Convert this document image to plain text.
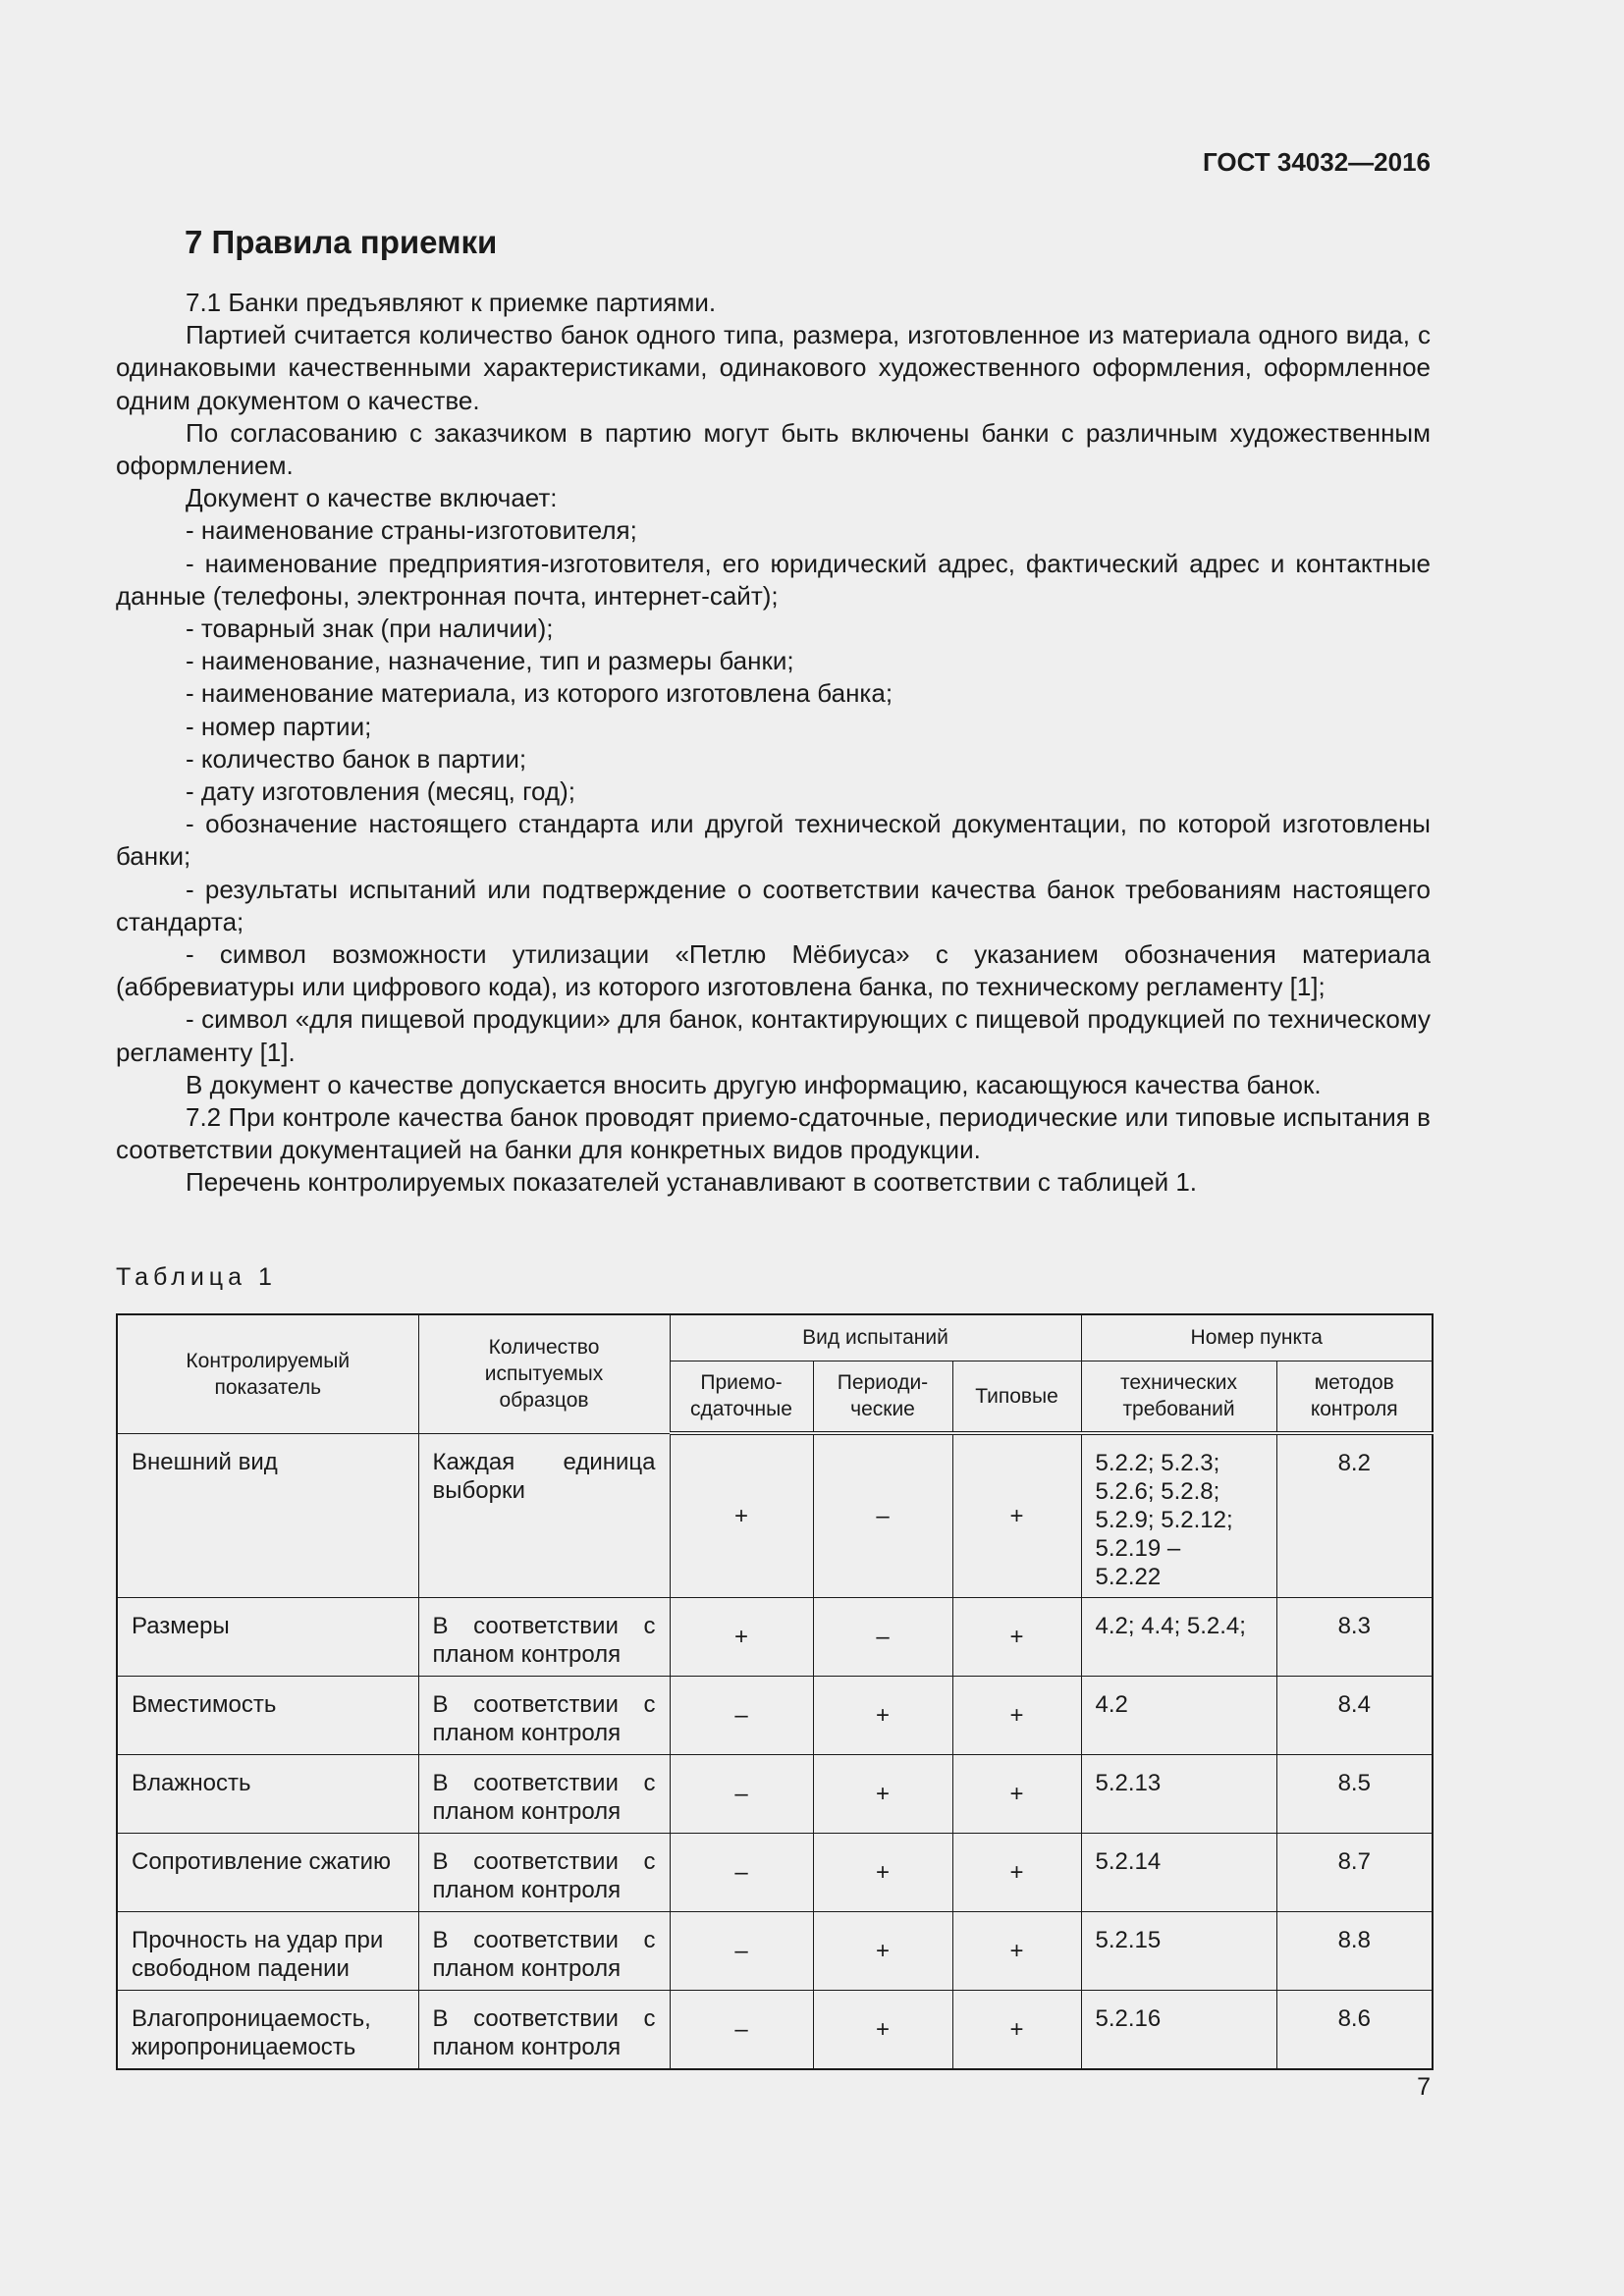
ГОСТ 34032—2016
7 Правила приемки

7.1 Банки предъявляют к приемке партиями.

Партией считается количество банок одного типа, размера, изготовленное из материала одного вида, с одинаковыми качественными характеристиками, одинакового художественного оформления, оформленное одним документом о качестве.

По согласованию с заказчиком в партию могут быть включены банки с различным художественным оформлением.

Документ о качестве включает:

- наименование страны-изготовителя;

- наименование предприятия-изготовителя, его юридический адрес, фактический адрес и контактные данные (телефоны, электронная почта, интернет-сайт);

- товарный знак (при наличии);

- наименование, назначение, тип и размеры банки;

- наименование материала, из которого изготовлена банка;

- номер партии;

- количество банок в партии;

- дату изготовления (месяц, год);

- обозначение настоящего стандарта или другой технической документации, по которой изготовлены банки;

- результаты испытаний или подтверждение о соответствии качества банок требованиям настоящего стандарта;

- символ возможности утилизации «Петлю Мёбиуса» с указанием обозначения материала (аббревиатуры или цифрового кода), из которого изготовлена банка, по техническому регламенту [1];

- символ «для пищевой продукции» для банок, контактирующих с пищевой продукцией по техническому регламенту [1].

В документ о качестве допускается вносить другую информацию, касающуюся качества банок.

7.2 При контроле качества банок проводят приемо-сдаточные, периодические или типовые испытания в соответствии документацией на банки для конкретных видов продукции.

Перечень контролируемых показателей устанавливают в соответствии с таблицей 1.

Таблица 1
Контролируемый показатель	Количество испытуемых образцов	Вид испытаний			Номер пункта	
		Приемо-сдаточные	Периоди-ческие	Типовые	технических требований	методов контроля
Внешний вид	Каждая единица выборки	+	–	+	5.2.2; 5.2.3; 5.2.6; 5.2.8; 5.2.9; 5.2.12; 5.2.19 – 5.2.22	8.2
Размеры	В соответствии с планом контроля	+	–	+	4.2; 4.4; 5.2.4;	8.3
Вместимость	В соответствии с планом контроля	–	+	+	4.2	8.4
Влажность	В соответствии с планом контроля	–	+	+	5.2.13	8.5
Сопротивление сжатию	В соответствии с планом контроля	–	+	+	5.2.14	8.7
Прочность на удар при свободном падении	В соответствии с планом контроля	–	+	+	5.2.15	8.8
Влагопроницаемость, жиропроницаемость	В соответствии с планом контроля	–	+	+	5.2.16	8.6
7
